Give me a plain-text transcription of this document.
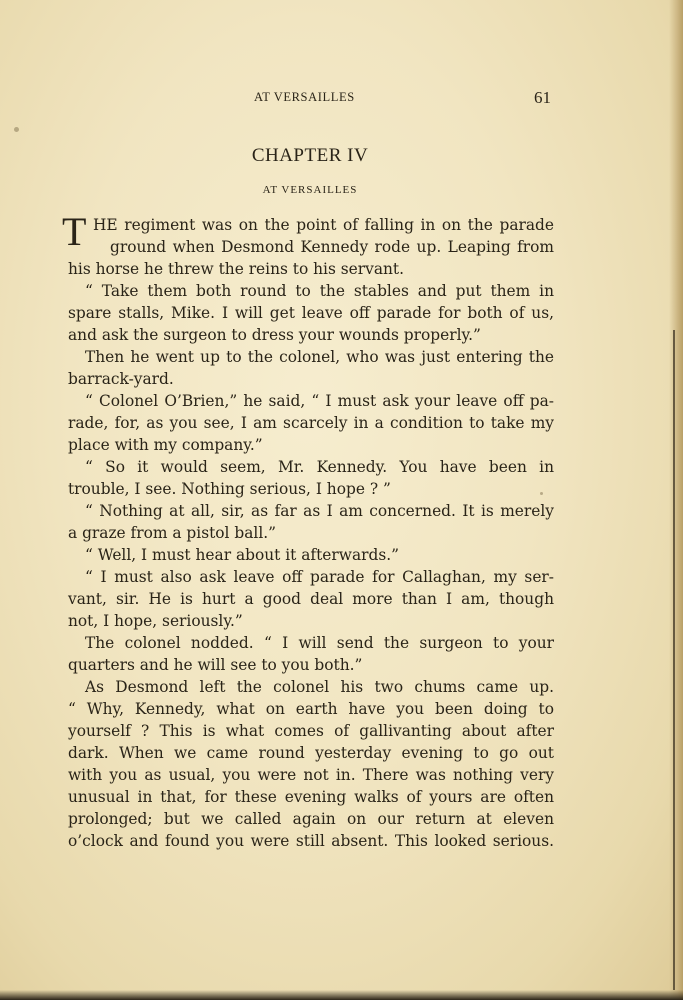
AT VERSAILLES	61
CHAPTER IV
AT VERSAILLES
T HE regiment was on the point of falling in on the parade
ground when Desmond Kennedy rode up. Leaping from
his horse he threw the reins to his servant.
“ Take them both round to the stables and put them in
spare stalls, Mike. I will get leave off parade for both of us,
and ask the surgeon to dress your wounds properly.”
Then he went up to the colonel, who was just entering the
barrack-yard.
“ Colonel O’Brien,” he said, “ I must ask your leave off pa-
rade, for, as you see, I am scarcely in a condition to take my
place with my company.”
“ So it would seem, Mr. Kennedy. You have been in
trouble, I see. Nothing serious, I hope ? ”
“ Nothing at all, sir, as far as I am concerned. It is merely
a graze from a pistol ball.”
“ Well, I must hear about it afterwards.”
“ I must also ask leave off parade for Callaghan, my ser-
vant, sir. He is hurt a good deal more than I am, though
not, I hope, seriously.”
The colonel nodded. “ I will send the surgeon to your
quarters and he will see to you both.”
As Desmond left the colonel his two chums came up.
“ Why, Kennedy, what on earth have you been doing to
yourself ? This is what comes of gallivanting about after
dark. When we came round yesterday evening to go out
with you as usual, you were not in. There was nothing very
unusual in that, for these evening walks of yours are often
prolonged; but we called again on our return at eleven
o’clock and found you were still absent. This looked serious.
